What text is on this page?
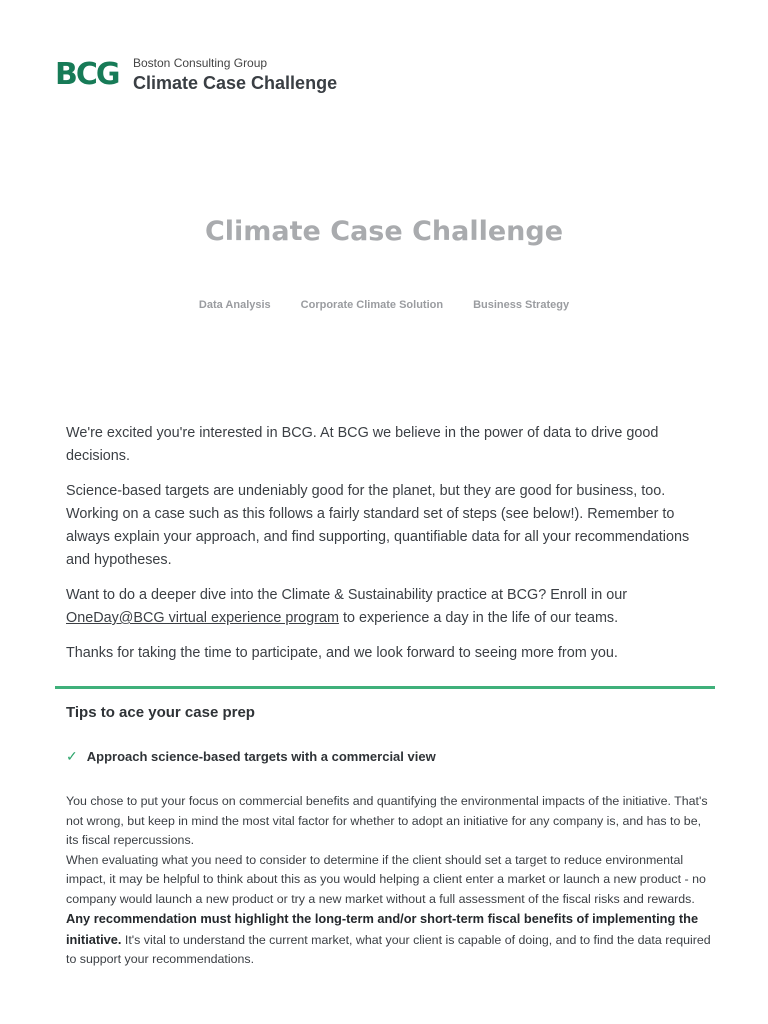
BCG Boston Consulting Group
Climate Case Challenge
Climate Case Challenge
Data Analysis	Corporate Climate Solution	Business Strategy

We're excited you're interested in BCG. At BCG we believe in the power of data to drive good decisions.

Science-based targets are undeniably good for the planet, but they are good for business, too. Working on a case such as this follows a fairly standard set of steps (see below!). Remember to always explain your approach, and find supporting, quantifiable data for all your recommendations and hypotheses.

Want to do a deeper dive into the Climate & Sustainability practice at BCG? Enroll in our OneDay@BCG virtual experience program to experience a day in the life of our teams.

Thanks for taking the time to participate, and we look forward to seeing more from you.

Tips to ace your case prep
✓ Approach science-based targets with a commercial view
You chose to put your focus on commercial benefits and quantifying the environmental impacts of the initiative. That's not wrong, but keep in mind the most vital factor for whether to adopt an initiative for any company is, and has to be, its fiscal repercussions.
When evaluating what you need to consider to determine if the client should set a target to reduce environmental impact, it may be helpful to think about this as you would helping a client enter a market or launch a new product - no company would launch a new product or try a new market without a full assessment of the fiscal risks and rewards.
Any recommendation must highlight the long-term and/or short-term fiscal benefits of implementing the initiative. It's vital to understand the current market, what your client is capable of doing, and to find the data required to support your recommendations.
